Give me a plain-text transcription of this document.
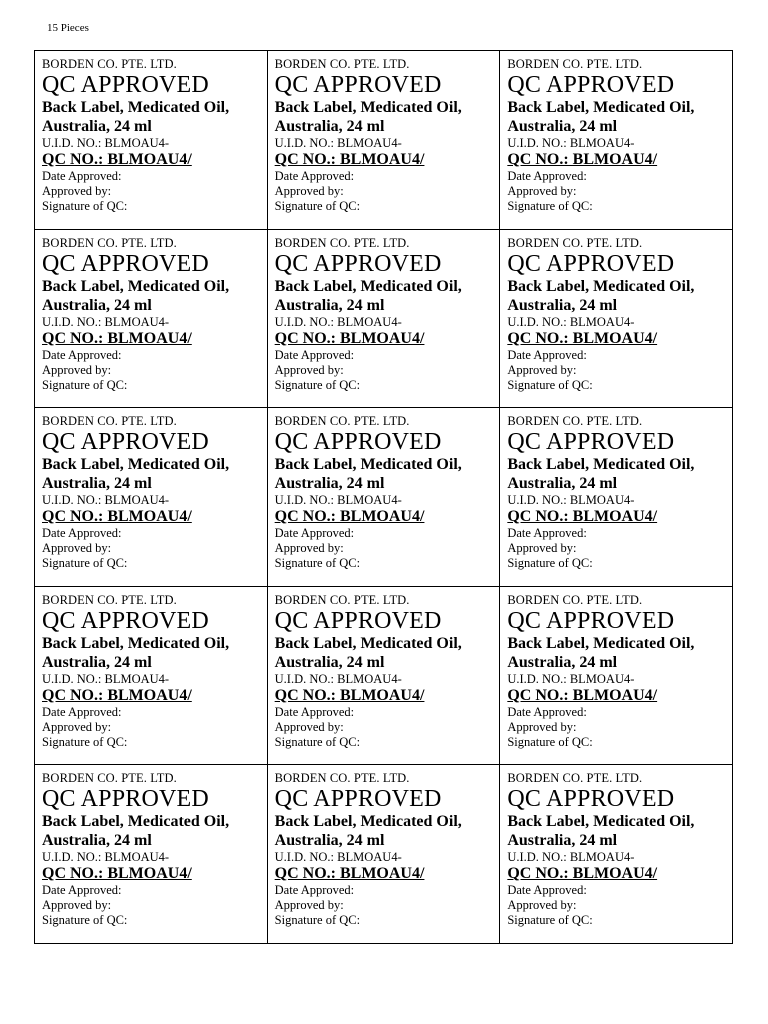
15 Pieces
BORDEN CO. PTE. LTD.
QC APPROVED
Back Label, Medicated Oil,
Australia, 24 ml
U.I.D. NO.: BLMOAU4-
QC NO.: BLMOAU4/
Date Approved:
Approved by:
Signature of QC:
BORDEN CO. PTE. LTD.
QC APPROVED
Back Label, Medicated Oil,
Australia, 24 ml
U.I.D. NO.: BLMOAU4-
QC NO.: BLMOAU4/
Date Approved:
Approved by:
Signature of QC:
BORDEN CO. PTE. LTD.
QC APPROVED
Back Label, Medicated Oil,
Australia, 24 ml
U.I.D. NO.: BLMOAU4-
QC NO.: BLMOAU4/
Date Approved:
Approved by:
Signature of QC:
BORDEN CO. PTE. LTD.
QC APPROVED
Back Label, Medicated Oil,
Australia, 24 ml
U.I.D. NO.: BLMOAU4-
QC NO.: BLMOAU4/
Date Approved:
Approved by:
Signature of QC:
BORDEN CO. PTE. LTD.
QC APPROVED
Back Label, Medicated Oil,
Australia, 24 ml
U.I.D. NO.: BLMOAU4-
QC NO.: BLMOAU4/
Date Approved:
Approved by:
Signature of QC:
BORDEN CO. PTE. LTD.
QC APPROVED
Back Label, Medicated Oil,
Australia, 24 ml
U.I.D. NO.: BLMOAU4-
QC NO.: BLMOAU4/
Date Approved:
Approved by:
Signature of QC:
BORDEN CO. PTE. LTD.
QC APPROVED
Back Label, Medicated Oil,
Australia, 24 ml
U.I.D. NO.: BLMOAU4-
QC NO.: BLMOAU4/
Date Approved:
Approved by:
Signature of QC:
BORDEN CO. PTE. LTD.
QC APPROVED
Back Label, Medicated Oil,
Australia, 24 ml
U.I.D. NO.: BLMOAU4-
QC NO.: BLMOAU4/
Date Approved:
Approved by:
Signature of QC:
BORDEN CO. PTE. LTD.
QC APPROVED
Back Label, Medicated Oil,
Australia, 24 ml
U.I.D. NO.: BLMOAU4-
QC NO.: BLMOAU4/
Date Approved:
Approved by:
Signature of QC:
BORDEN CO. PTE. LTD.
QC APPROVED
Back Label, Medicated Oil,
Australia, 24 ml
U.I.D. NO.: BLMOAU4-
QC NO.: BLMOAU4/
Date Approved:
Approved by:
Signature of QC:
BORDEN CO. PTE. LTD.
QC APPROVED
Back Label, Medicated Oil,
Australia, 24 ml
U.I.D. NO.: BLMOAU4-
QC NO.: BLMOAU4/
Date Approved:
Approved by:
Signature of QC:
BORDEN CO. PTE. LTD.
QC APPROVED
Back Label, Medicated Oil,
Australia, 24 ml
U.I.D. NO.: BLMOAU4-
QC NO.: BLMOAU4/
Date Approved:
Approved by:
Signature of QC:
BORDEN CO. PTE. LTD.
QC APPROVED
Back Label, Medicated Oil,
Australia, 24 ml
U.I.D. NO.: BLMOAU4-
QC NO.: BLMOAU4/
Date Approved:
Approved by:
Signature of QC:
BORDEN CO. PTE. LTD.
QC APPROVED
Back Label, Medicated Oil,
Australia, 24 ml
U.I.D. NO.: BLMOAU4-
QC NO.: BLMOAU4/
Date Approved:
Approved by:
Signature of QC:
BORDEN CO. PTE. LTD.
QC APPROVED
Back Label, Medicated Oil,
Australia, 24 ml
U.I.D. NO.: BLMOAU4-
QC NO.: BLMOAU4/
Date Approved:
Approved by:
Signature of QC:
